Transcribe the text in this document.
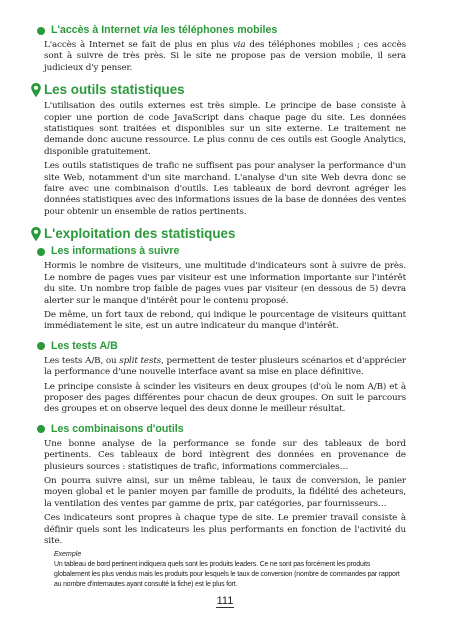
L'accès à Internet via les téléphones mobiles

L'accès à Internet se fait de plus en plus via des téléphones mobiles ; ces accès sont à suivre de très près. Si le site ne propose pas de version mobile, il sera judicieux d'y penser.

Les outils statistiques

L'utilisation des outils externes est très simple. Le principe de base consiste à copier une portion de code JavaScript dans chaque page du site. Les données statistiques sont traitées et disponibles sur un site externe. Le traitement ne demande donc aucune ressource. Le plus connu de ces outils est Google Analytics, disponible gratuitement.

Les outils statistiques de trafic ne suffisent pas pour analyser la performance d'un site Web, notamment d'un site marchand. L'analyse d'un site Web devra donc se faire avec une combinaison d'outils. Les tableaux de bord devront agréger les données statistiques avec des informations issues de la base de données des ventes pour obtenir un ensemble de ratios pertinents.

L'exploitation des statistiques
Les informations à suivre

Hormis le nombre de visiteurs, une multitude d'indicateurs sont à suivre de près. Le nombre de pages vues par visiteur est une information importante sur l'intérêt du site. Un nombre trop faible de pages vues par visiteur (en dessous de 5) devra alerter sur le manque d'intérêt pour le contenu proposé.

De même, un fort taux de rebond, qui indique le pourcentage de visiteurs quittant immédiatement le site, est un autre indicateur du manque d'intérêt.

Les tests A/B

Les tests A/B, ou split tests, permettent de tester plusieurs scénarios et d'apprécier la performance d'une nouvelle interface avant sa mise en place définitive.

Le principe consiste à scinder les visiteurs en deux groupes (d'où le nom A/B) et à proposer des pages différentes pour chacun de deux groupes. On suit le parcours des groupes et on observe lequel des deux donne le meilleur résultat.

Les combinaisons d'outils

Une bonne analyse de la performance se fonde sur des tableaux de bord pertinents. Ces tableaux de bord intègrent des données en provenance de plusieurs sources : statistiques de trafic, informations commerciales…

On pourra suivre ainsi, sur un même tableau, le taux de conversion, le panier moyen global et le panier moyen par famille de produits, la fidélité des acheteurs, la ventilation des ventes par gamme de prix, par catégories, par fournisseurs…

Ces indicateurs sont propres à chaque type de site. Le premier travail consiste à définir quels sont les indicateurs les plus performants en fonction de l'activité du site.

Exemple
Un tableau de bord pertinent indiquera quels sont les produits leaders. Ce ne sont pas forcément les produits globalement les plus vendus mais les produits pour lesquels le taux de conversion (nombre de commandes par rapport au nombre d'internautes ayant consulté la fiche) est le plus fort.
111
